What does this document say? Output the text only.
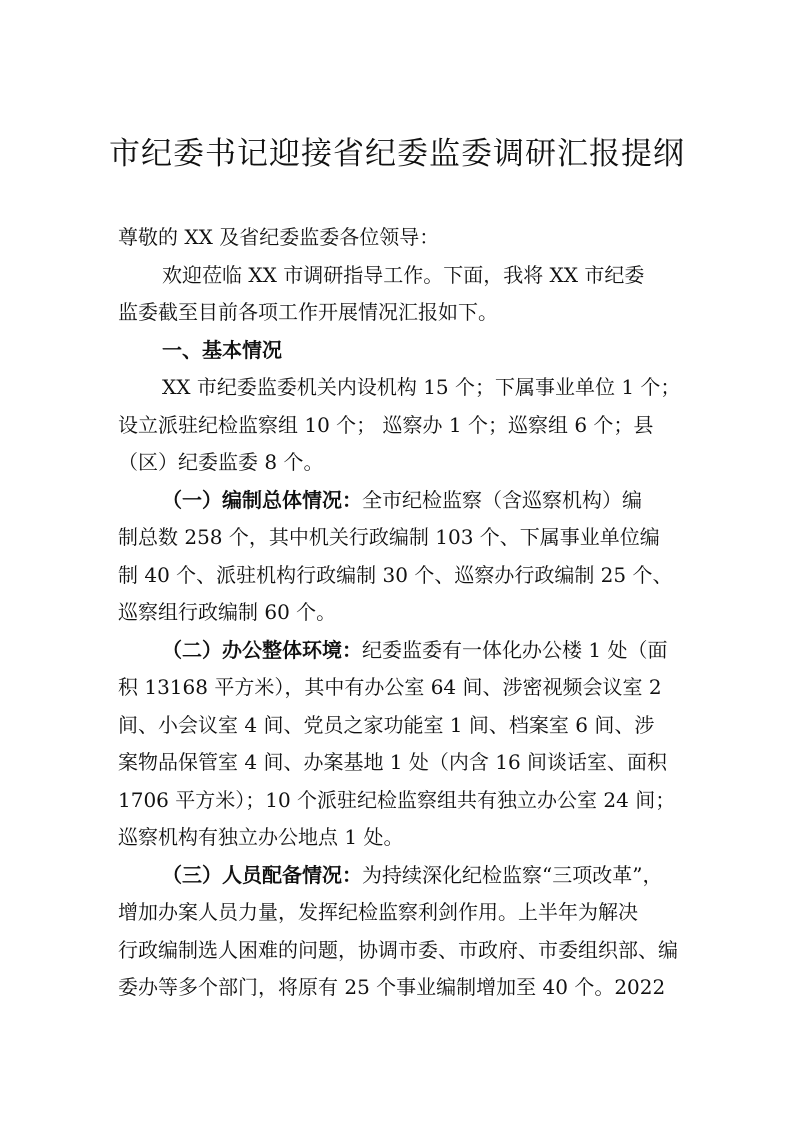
市纪委书记迎接省纪委监委调研汇报提纲
尊敬的 XX 及省纪委监委各位领导：
欢迎莅临 XX 市调研指导工作。下面，我将 XX 市纪委
监委截至目前各项工作开展情况汇报如下。
一、基本情况
XX 市纪委监委机关内设机构 15 个；下属事业单位 1 个；
设立派驻纪检监察组 10 个； 巡察办 1 个；巡察组 6 个；县
（区）纪委监委 8 个。
（一）编制总体情况：全市纪检监察（含巡察机构）编
制总数 258 个，其中机关行政编制 103 个、下属事业单位编
制 40 个、派驻机构行政编制 30 个、巡察办行政编制 25 个、
巡察组行政编制 60 个。
（二）办公整体环境：纪委监委有一体化办公楼 1 处（面
积 13168 平方米），其中有办公室 64 间、涉密视频会议室 2
间、小会议室 4 间、党员之家功能室 1 间、档案室 6 间、涉
案物品保管室 4 间、办案基地 1 处（内含 16 间谈话室、面积
1706 平方米）；10 个派驻纪检监察组共有独立办公室 24 间；
巡察机构有独立办公地点 1 处。
（三）人员配备情况：为持续深化纪检监察“三项改革”，
增加办案人员力量，发挥纪检监察利剑作用。上半年为解决
行政编制选人困难的问题，协调市委、市政府、市委组织部、编
委办等多个部门，将原有 25 个事业编制增加至 40 个。2022
